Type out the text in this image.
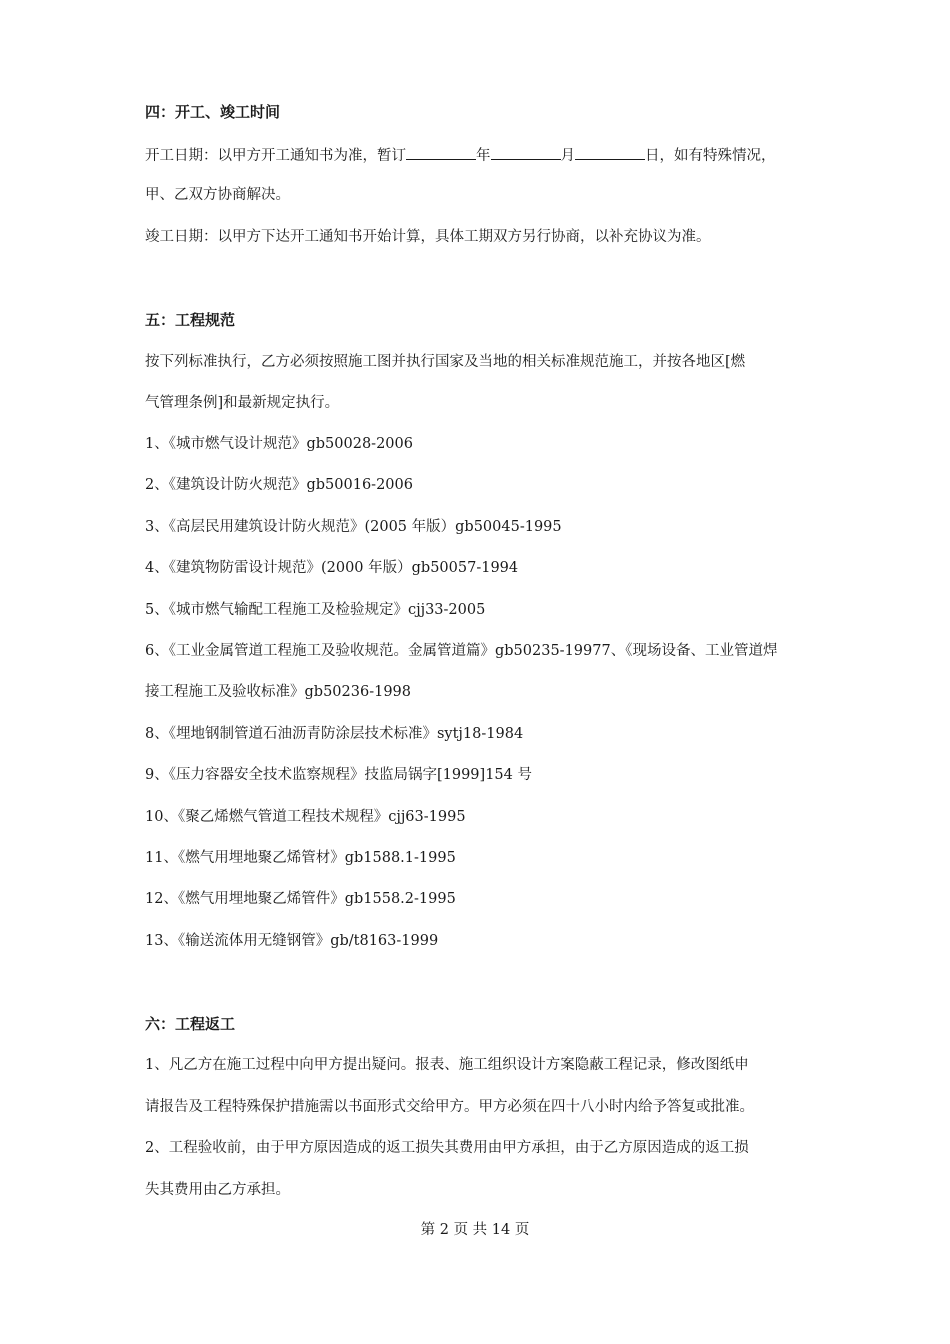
四：开工、竣工时间
开工日期：以甲方开工通知书为准，暂订	年	月	日，如有特殊情况，
甲、乙双方协商解决。
竣工日期：以甲方下达开工通知书开始计算，具体工期双方另行协商，以补充协议为准。
五：工程规范
按下列标准执行，乙方必须按照施工图并执行国家及当地的相关标准规范施工，并按各地区[燃
气管理条例]和最新规定执行。
1、《城市燃气设计规范》gb50028-2006
2、《建筑设计防火规范》gb50016-2006
3、《高层民用建筑设计防火规范》(2005 年版）gb50045-1995
4、《建筑物防雷设计规范》(2000 年版）gb50057-1994
5、《城市燃气输配工程施工及检验规定》cjj33-2005
6、《工业金属管道工程施工及验收规范。金属管道篇》gb50235-19977、《现场设备、工业管道焊
接工程施工及验收标准》gb50236-1998
8、《埋地钢制管道石油沥青防涂层技术标准》sytj18-1984
9、《压力容器安全技术监察规程》技监局锅字[1999]154 号
10、《聚乙烯燃气管道工程技术规程》cjj63-1995
11、《燃气用埋地聚乙烯管材》gb1588.1-1995
12、《燃气用埋地聚乙烯管件》gb1558.2-1995
13、《输送流体用无缝钢管》gb/t8163-1999
六：工程返工
1、凡乙方在施工过程中向甲方提出疑问。报表、施工组织设计方案隐蔽工程记录，修改图纸申
请报告及工程特殊保护措施需以书面形式交给甲方。甲方必须在四十八小时内给予答复或批准。
2、工程验收前，由于甲方原因造成的返工损失其费用由甲方承担，由于乙方原因造成的返工损
失其费用由乙方承担。
第 2 页 共 14 页
